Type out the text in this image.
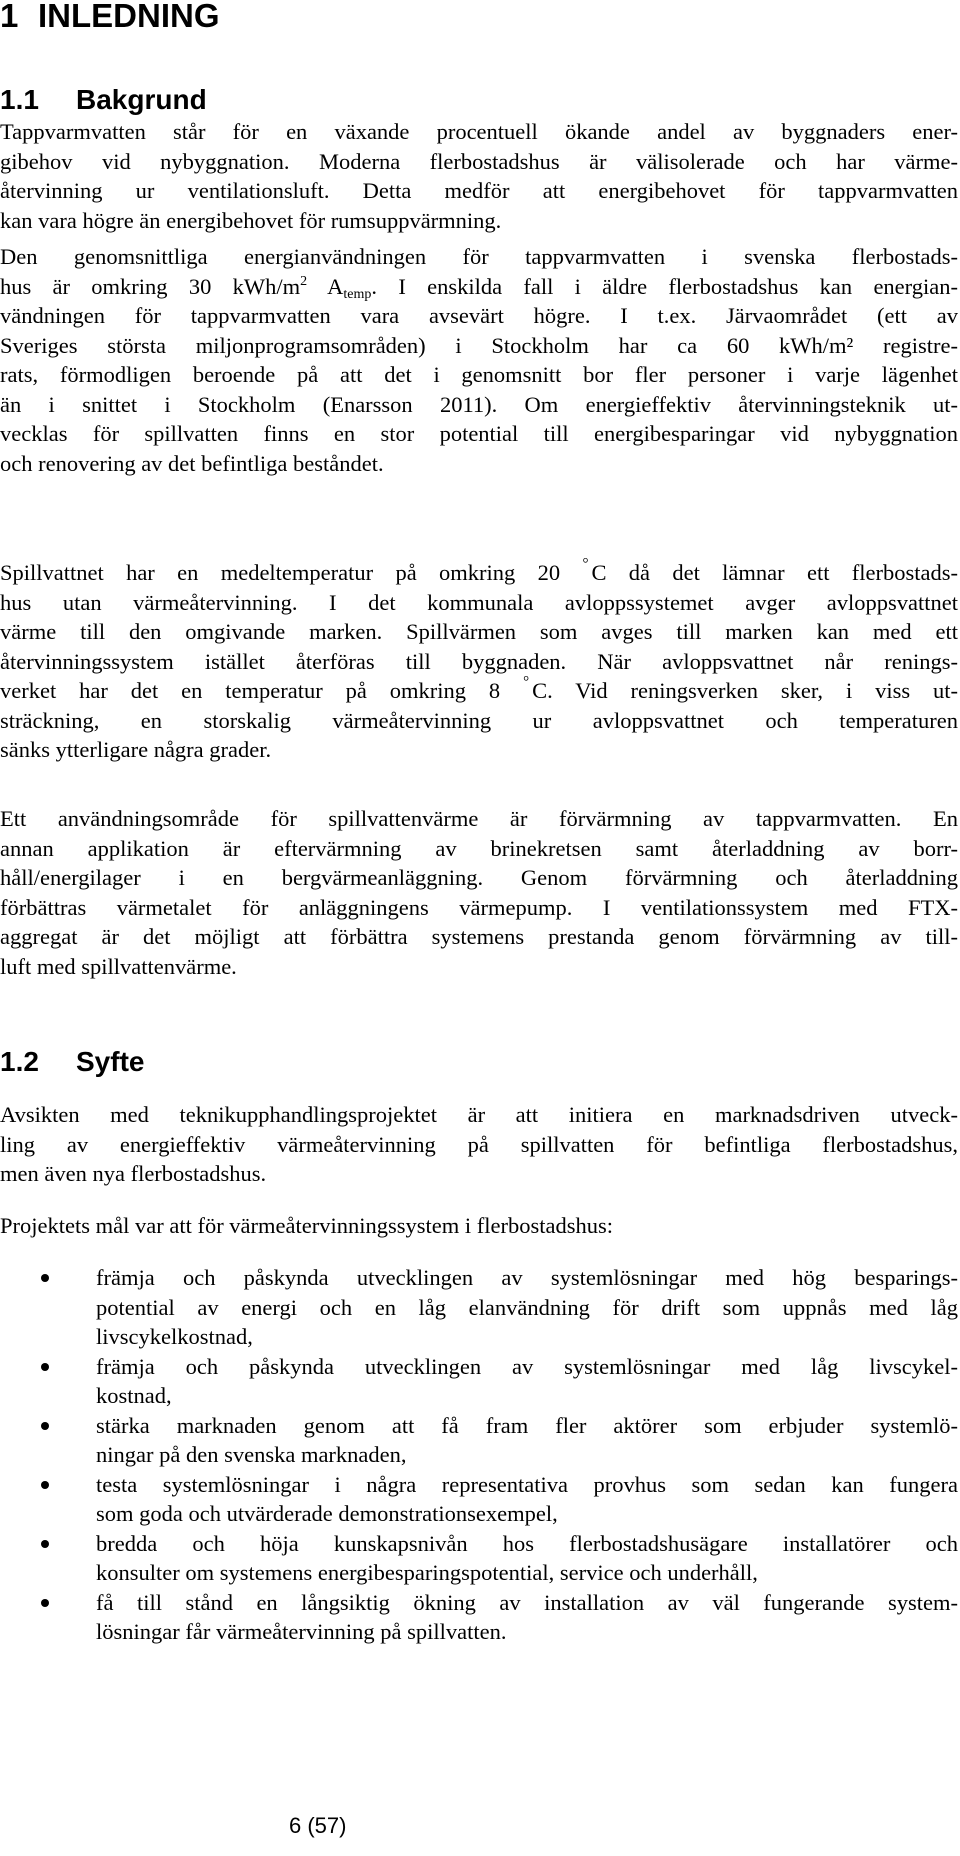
1 INLEDNING
1.1 Bakgrund
Tappvarmvatten står för en växande procentuell ökande andel av byggnaders ener-
gibehov vid nybyggnation. Moderna flerbostadshus är välisolerade och har värme-
återvinning ur ventilationsluft. Detta medför att energibehovet för tappvarmvatten
kan vara högre än energibehovet för rumsuppvärmning.
Den genomsnittliga energianvändningen för tappvarmvatten i svenska flerbostads-
hus är omkring 30 kWh/$m^2$ $A_{temp}$. I enskilda fall i äldre flerbostadshus kan energian-
vändningen för tappvarmvatten vara avsevärt högre. I t.ex. Järvaområdet (ett av
Sveriges största miljonprogramsområden) i Stockholm har ca 60 kWh/m² registre-
rats, förmodligen beroende på att det i genomsnitt bor fler personer i varje lägenhet
än i snittet i Stockholm (Enarsson 2011). Om energieffektiv återvinningsteknik ut-
vecklas för spillvatten finns en stor potential till energibesparingar vid nybyggnation
och renovering av det befintliga beståndet.
Spillvattnet har en medeltemperatur på omkring 20 ° C då det lämnar ett flerbostads-
hus utan värmeåtervinning. I det kommunala avloppssystemet avger avloppsvattnet
värme till den omgivande marken. Spillvärmen som avges till marken kan med ett
återvinningssystem istället återföras till byggnaden. När avloppsvattnet når renings-
verket har det en temperatur på omkring 8 ° C. Vid reningsverken sker, i viss ut-
sträckning, en storskalig värmeåtervinning ur avloppsvattnet och temperaturen
sänks ytterligare några grader.
Ett användningsområde för spillvattenvärme är förvärmning av tappvarmvatten. En
annan applikation är eftervärmning av brinekretsen samt återladdning av borr-
håll/energilager i en bergvärmeanläggning. Genom förvärmning och återladdning
förbättras värmetalet för anläggningens värmepump. I ventilationssystem med FTX-
aggregat är det möjligt att förbättra systemens prestanda genom förvärmning av till-
luft med spillvattenvärme.
1.2 Syfte
Avsikten med teknikupphandlingsprojektet är att initiera en marknadsdriven utveck-
ling av energieffektiv värmeåtervinning på spillvatten för befintliga flerbostadshus,
men även nya flerbostadshus.
Projektets mål var att för värmeåtervinningssystem i flerbostadshus:
främja och påskynda utvecklingen av systemlösningar med hög besparings-
potential av energi och en låg elanvändning för drift som uppnås med låg
livscykelkostnad,
främja och påskynda utvecklingen av systemlösningar med låg livscykel-
kostnad,
stärka marknaden genom att få fram fler aktörer som erbjuder systemlö-
ningar på den svenska marknaden,
testa systemlösningar i några representativa provhus som sedan kan fungera
som goda och utvärderade demonstrationsexempel,
bredda och höja kunskapsnivån hos flerbostadshusägare installatörer och
konsulter om systemens energibesparingspotential, service och underhåll,
få till stånd en långsiktig ökning av installation av väl fungerande system-
lösningar får värmeåtervinning på spillvatten.
6 (57)
